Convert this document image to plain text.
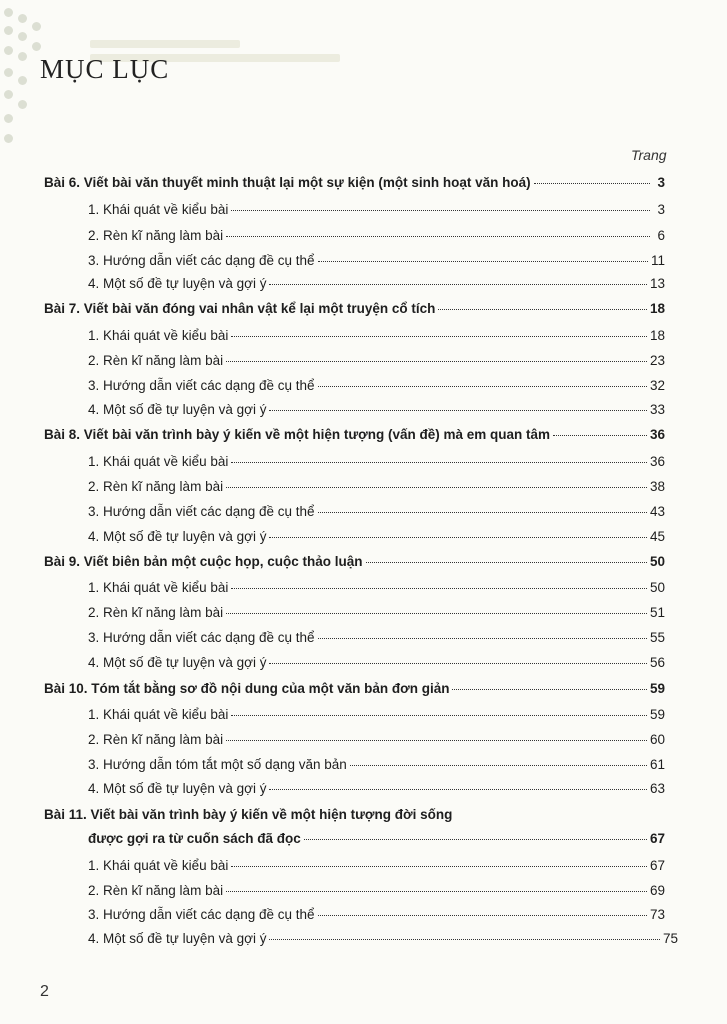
MỤC LỤC
Trang
Bài 6. Viết bài văn thuyết minh thuật lại một sự kiện (một sinh hoạt văn hoá)	3
1. Khái quát về kiểu bài	3
2. Rèn kĩ năng làm bài	6
3. Hướng dẫn viết các dạng đề cụ thể	11
4. Một số đề tự luyện và gợi ý	13
Bài 7. Viết bài văn đóng vai nhân vật kể lại một truyện cổ tích	18
1. Khái quát về kiểu bài	18
2. Rèn kĩ năng làm bài	23
3. Hướng dẫn viết các dạng đề cụ thể	32
4. Một số đề tự luyện và gợi ý	33
Bài 8. Viết bài văn trình bày ý kiến về một hiện tượng (vấn đề) mà em quan tâm	36
1. Khái quát về kiểu bài	36
2. Rèn kĩ năng làm bài	38
3. Hướng dẫn viết các dạng đề cụ thể	43
4. Một số đề tự luyện và gợi ý	45
Bài 9. Viết biên bản một cuộc họp, cuộc thảo luận	50
1. Khái quát về kiểu bài	50
2. Rèn kĩ năng làm bài	51
3. Hướng dẫn viết các dạng đề cụ thể	55
4. Một số đề tự luyện và gợi ý	56
Bài 10. Tóm tắt bằng sơ đồ nội dung của một văn bản đơn giản	59
1. Khái quát về kiểu bài	59
2. Rèn kĩ năng làm bài	60
3. Hướng dẫn tóm tắt một số dạng văn bản	61
4. Một số đề tự luyện và gợi ý	63
Bài 11. Viết bài văn trình bày ý kiến về một hiện tượng đời sống
được gợi ra từ cuốn sách đã đọc	67
1. Khái quát về kiểu bài	67
2. Rèn kĩ năng làm bài	69
3. Hướng dẫn viết các dạng đề cụ thể	73
4. Một số đề tự luyện và gợi ý	75
2
